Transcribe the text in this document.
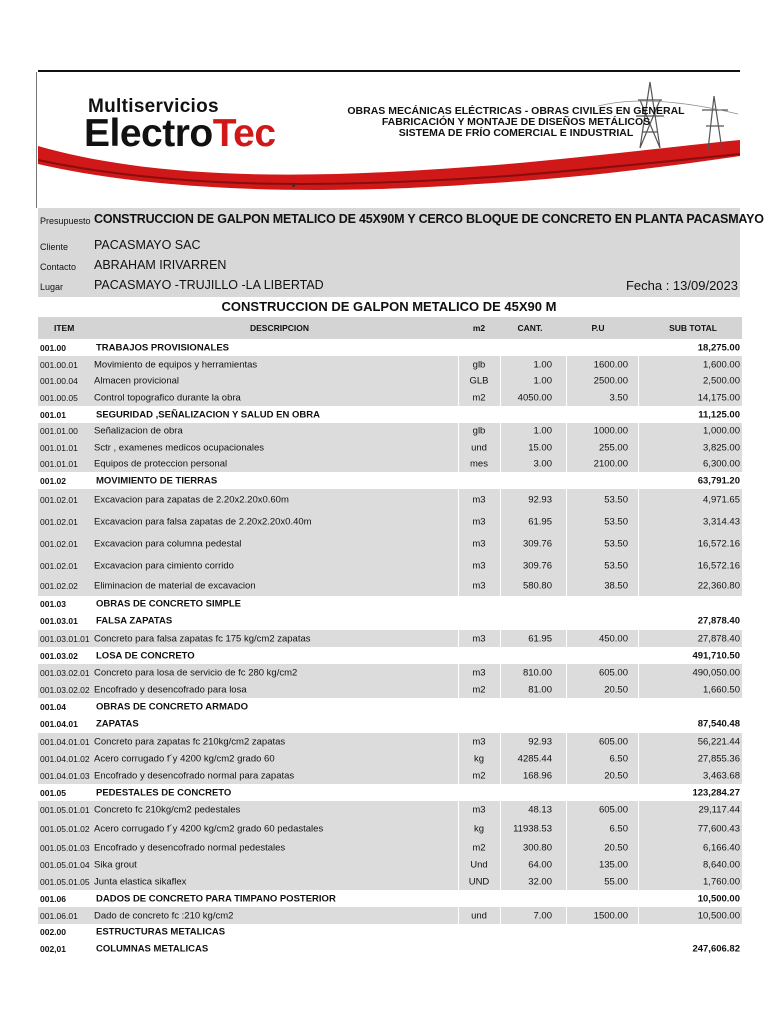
Multiservicios
ElectroTec
OBRAS MECÁNICAS ELÉCTRICAS - OBRAS CIVILES EN GENERAL
FABRICACIÓN Y MONTAJE DE DISEÑOS METÁLICOS
SISTEMA DE FRÍO COMERCIAL E INDUSTRIAL
Presupuesto CONSTRUCCION DE GALPON METALICO DE 45X90M Y CERCO BLOQUE DE CONCRETO EN PLANTA PACASMAYO
Cliente PACASMAYO SAC
Contacto ABRAHAM IRIVARREN
Lugar PACASMAYO -TRUJILLO -LA LIBERTAD	Fecha : 13/09/2023
CONSTRUCCION DE GALPON METALICO DE 45X90 M
ITEM	DESCRIPCION	m2	CANT.	P.U	SUB TOTAL
001.00	TRABAJOS PROVISIONALES	18,275.00
001.00.01 Movimiento de equipos y herramientas	glb	1.00	1600.00	1,600.00
001.00.04 Almacen provicional	GLB	1.00	2500.00	2,500.00
001.00.05 Control topografico durante la obra	m2	4050.00	3.50	14,175.00
001.01	SEGURIDAD ,SEÑALIZACION Y SALUD EN OBRA	11,125.00
001.01.00 Señalizacion de obra	glb	1.00	1000.00	1,000.00
001.01.01 Sctr , examenes medicos ocupacionales	und	15.00	255.00	3,825.00
001.01.01 Equipos de proteccion personal	mes	3.00	2100.00	6,300.00
001.02	MOVIMIENTO DE TIERRAS	63,791.20
001.02.01 Excavacion para zapatas de 2.20x2.20x0.60m	m3	92.93	53.50	4,971.65
001.02.01 Excavacion para falsa zapatas de 2.20x2.20x0.40m	m3	61.95	53.50	3,314.43
001.02.01 Excavacion para columna pedestal	m3	309.76	53.50	16,572.16
001.02.01 Excavacion para cimiento corrido	m3	309.76	53.50	16,572.16
001.02.02 Eliminacion de material de excavacion	m3	580.80	38.50	22,360.80
001.03	OBRAS DE CONCRETO SIMPLE
001.03.01 FALSA ZAPATAS	27,878.40
001.03.01.01 Concreto para falsa zapatas fc 175 kg/cm2 zapatas	m3	61.95	450.00	27,878.40
001.03.02 LOSA DE CONCRETO	491,710.50
001.03.02.01 Concreto para losa de servicio de fc 280 kg/cm2	m3	810.00	605.00	490,050.00
001.03.02.02 Encofrado y desencofrado para losa	m2	81.00	20.50	1,660.50
001.04	OBRAS DE CONCRETO ARMADO
001.04.01 ZAPATAS	87,540.48
001.04.01.01 Concreto para zapatas fc 210kg/cm2 zapatas	m3	92.93	605.00	56,221.44
001.04.01.02 Acero corrugado f´y 4200 kg/cm2 grado 60	kg	4285.44	6.50	27,855.36
001.04.01.03 Encofrado y desencofrado normal para zapatas	m2	168.96	20.50	3,463.68
001.05	PEDESTALES DE CONCRETO	123,284.27
001.05.01.01 Concreto fc 210kg/cm2 pedestales	m3	48.13	605.00	29,117.44
001.05.01.02 Acero corrugado f´y 4200 kg/cm2 grado 60 pedastales	kg	11938.53	6.50	77,600.43
001.05.01.03 Encofrado y desencofrado normal pedestales	m2	300.80	20.50	6,166.40
001.05.01.04 Sika grout	Und	64.00	135.00	8,640.00
001.05.01.05 Junta elastica sikaflex	UND	32.00	55.00	1,760.00
001.06	DADOS DE CONCRETO PARA TIMPANO POSTERIOR	10,500.00
001.06.01 Dado de concreto fc :210 kg/cm2	und	7.00	1500.00	10,500.00
002.00	ESTRUCTURAS METALICAS
002,01	COLUMNAS METALICAS	247,606.82
